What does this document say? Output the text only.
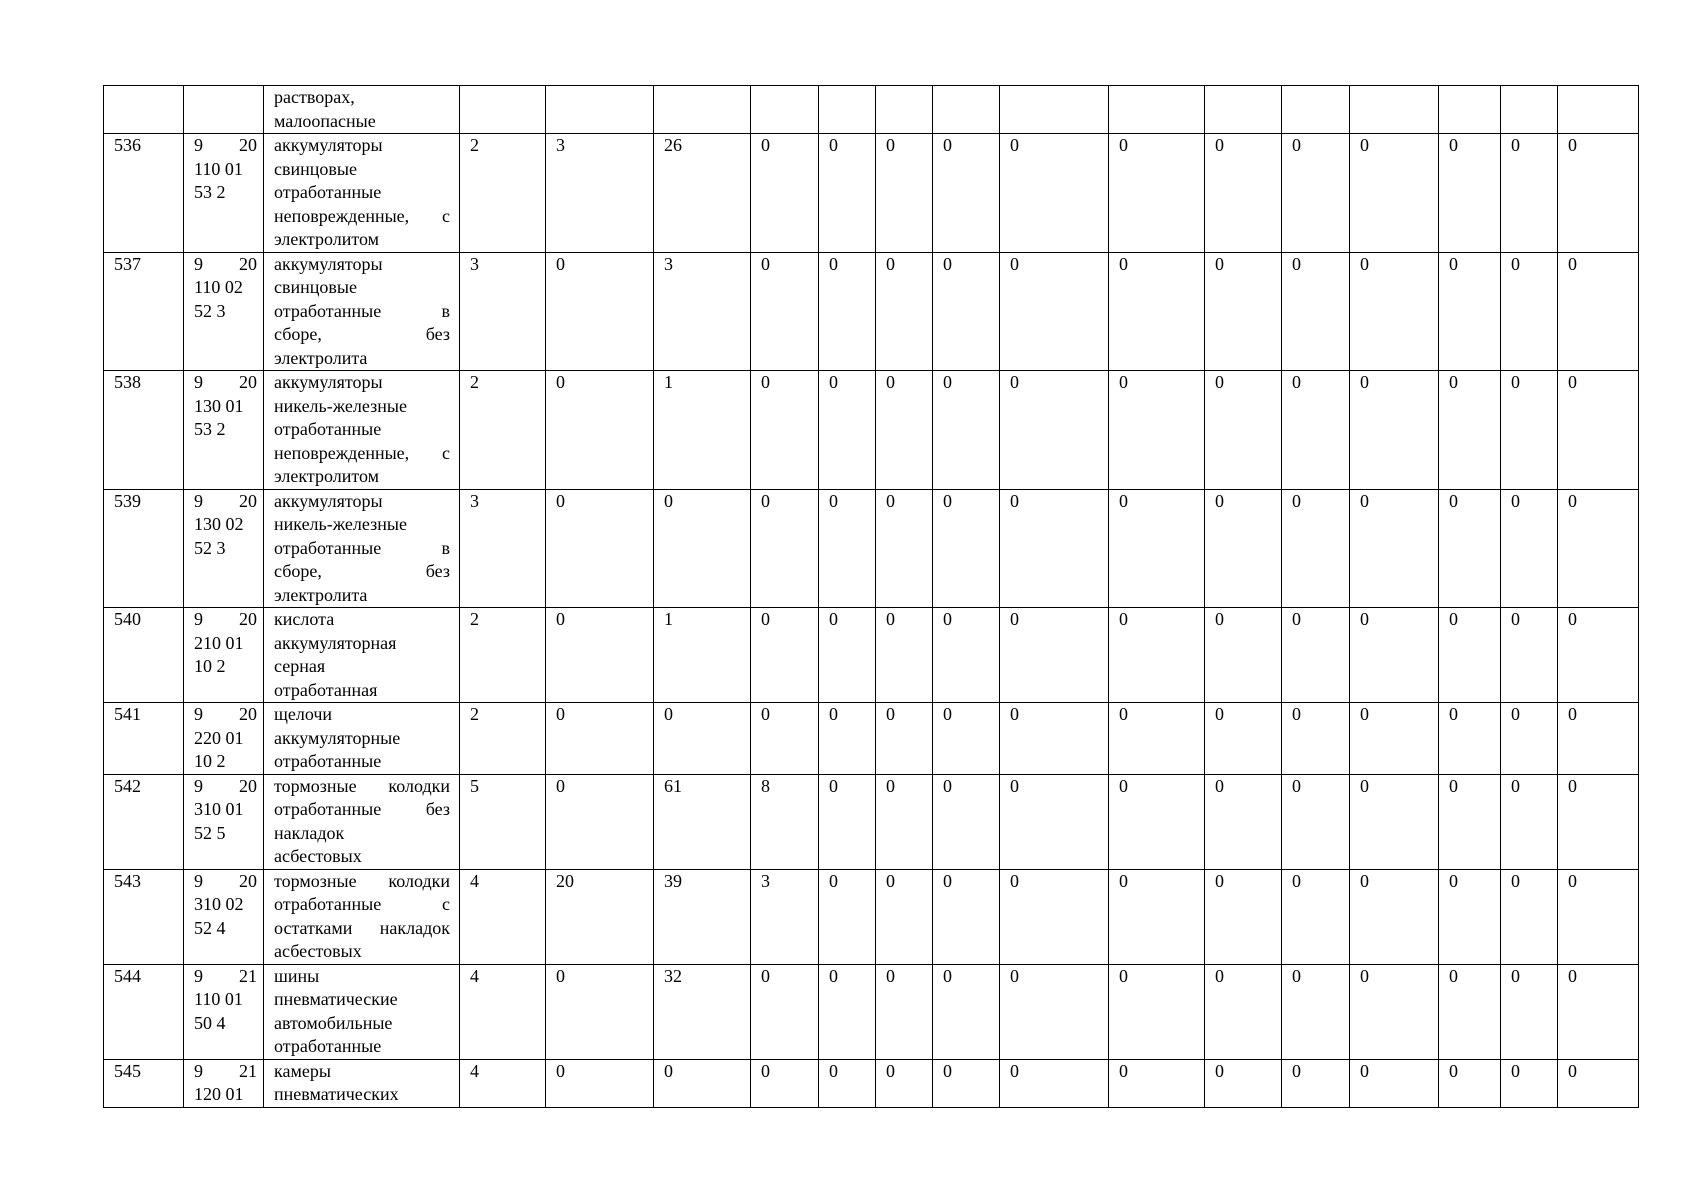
		растворах,
малоопасные															

536	9 20
110 01
53 2	аккумуляторы
свинцовые
отработанные
неповрежденные, с
электролитом	2	3	26	0	0	0	0	0	0	0	0	0	0	0	0
537	9 20
110 02
52 3	аккумуляторы
свинцовые
отработанные в
сборе, без
электролита	3	0	3	0	0	0	0	0	0	0	0	0	0	0	0
538	9 20
130 01
53 2	аккумуляторы
никель-железные
отработанные
неповрежденные, с
электролитом	2	0	1	0	0	0	0	0	0	0	0	0	0	0	0
539	9 20
130 02
52 3	аккумуляторы
никель-железные
отработанные в
сборе, без
электролита	3	0	0	0	0	0	0	0	0	0	0	0	0	0	0
540	9 20
210 01
10 2	кислота
аккумуляторная
серная
отработанная	2	0	1	0	0	0	0	0	0	0	0	0	0	0	0
541	9 20
220 01
10 2	щелочи
аккумуляторные
отработанные	2	0	0	0	0	0	0	0	0	0	0	0	0	0	0
542	9 20
310 01
52 5	тормозные колодки
отработанные без
накладок
асбестовых	5	0	61	8	0	0	0	0	0	0	0	0	0	0	0
543	9 20
310 02
52 4	тормозные колодки
отработанные с
остатками накладок
асбестовых	4	20	39	3	0	0	0	0	0	0	0	0	0	0	0
544	9 21
110 01
50 4	шины
пневматические
автомобильные
отработанные	4	0	32	0	0	0	0	0	0	0	0	0	0	0	0
545	9 21
120 01	камеры
пневматических	4	0	0	0	0	0	0	0	0	0	0	0	0	0	0
